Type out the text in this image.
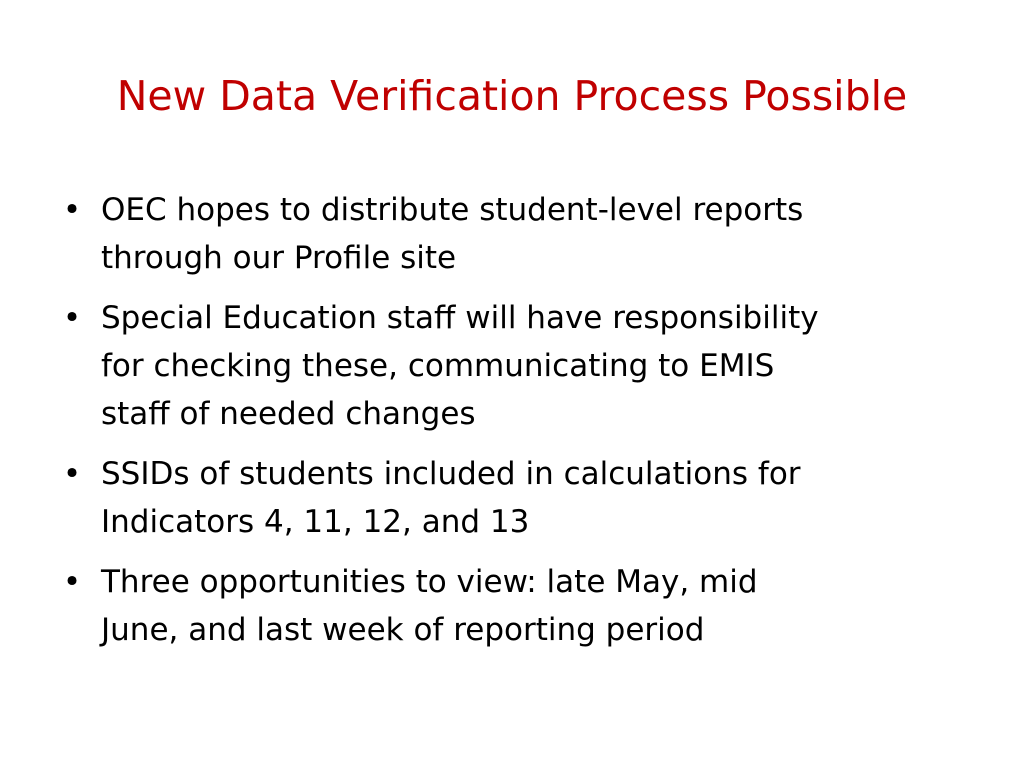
New Data Verification Process Possible
• OEC hopes to distribute student-level reports
through our Profile site
• Special Education staff will have responsibility
for checking these, communicating to EMIS
staff of needed changes
• SSIDs of students included in calculations for
Indicators 4, 11, 12, and 13
• Three opportunities to view: late May, mid
June, and last week of reporting period
